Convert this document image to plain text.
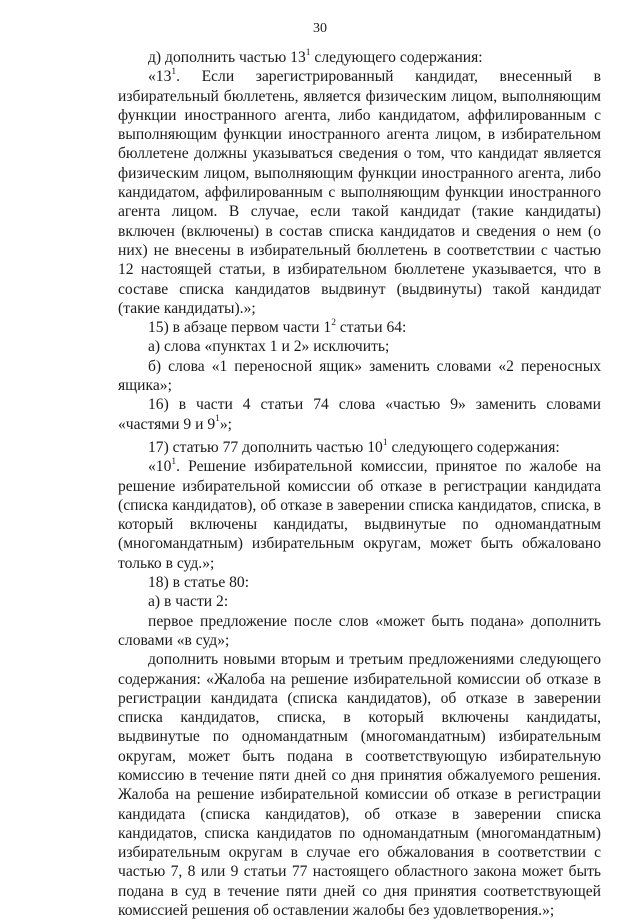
30

д) дополнить частью $13^1$ следующего содержания:

«$13^1$. Если зарегистрированный кандидат, внесенный в избирательный бюллетень, является физическим лицом, выполняющим функции иностранного агента, либо кандидатом, аффилированным с выполняющим функции иностранного агента лицом, в избирательном бюллетене должны указываться сведения о том, что кандидат является физическим лицом, выполняющим функции иностранного агента, либо кандидатом, аффилированным с выполняющим функции иностранного агента лицом. В случае, если такой кандидат (такие кандидаты) включен (включены) в состав списка кандидатов и сведения о нем (о них) не внесены в избирательный бюллетень в соответствии с частью 12 настоящей статьи, в избирательном бюллетене указывается, что в составе списка кандидатов выдвинут (выдвинуты) такой кандидат (такие кандидаты).»;

15) в абзаце первом части $1^2$ статьи 64:

а) слова «пунктах 1 и 2» исключить;

б) слова «1 переносной ящик» заменить словами «2 переносных ящика»;

16) в части 4 статьи 74 слова «частью 9» заменить словами «частями 9 и $9^1$»;

17) статью 77 дополнить частью $10^1$ следующего содержания:

«$10^1$. Решение избирательной комиссии, принятое по жалобе на решение избирательной комиссии об отказе в регистрации кандидата (списка кандидатов), об отказе в заверении списка кандидатов, списка, в который включены кандидаты, выдвинутые по одномандатным (многомандатным) избирательным округам, может быть обжаловано только в суд.»;

18) в статье 80:

а) в части 2:

первое предложение после слов «может быть подана» дополнить словами «в суд»;

дополнить новыми вторым и третьим предложениями следующего содержания: «Жалоба на решение избирательной комиссии об отказе в регистрации кандидата (списка кандидатов), об отказе в заверении списка кандидатов, списка, в который включены кандидаты, выдвинутые по одномандатным (многомандатным) избирательным округам, может быть подана в соответствующую избирательную комиссию в течение пяти дней со дня принятия обжалуемого решения. Жалоба на решение избирательной комиссии об отказе в регистрации кандидата (списка кандидатов), об отказе в заверении списка кандидатов, списка кандидатов по одномандатным (многомандатным) избирательным округам в случае его обжалования в соответствии с частью 7, 8 или 9 статьи 77 настоящего областного закона может быть подана в суд в течение пяти дней со дня принятия соответствующей комиссией решения об оставлении жалобы без удовлетворения.»;
